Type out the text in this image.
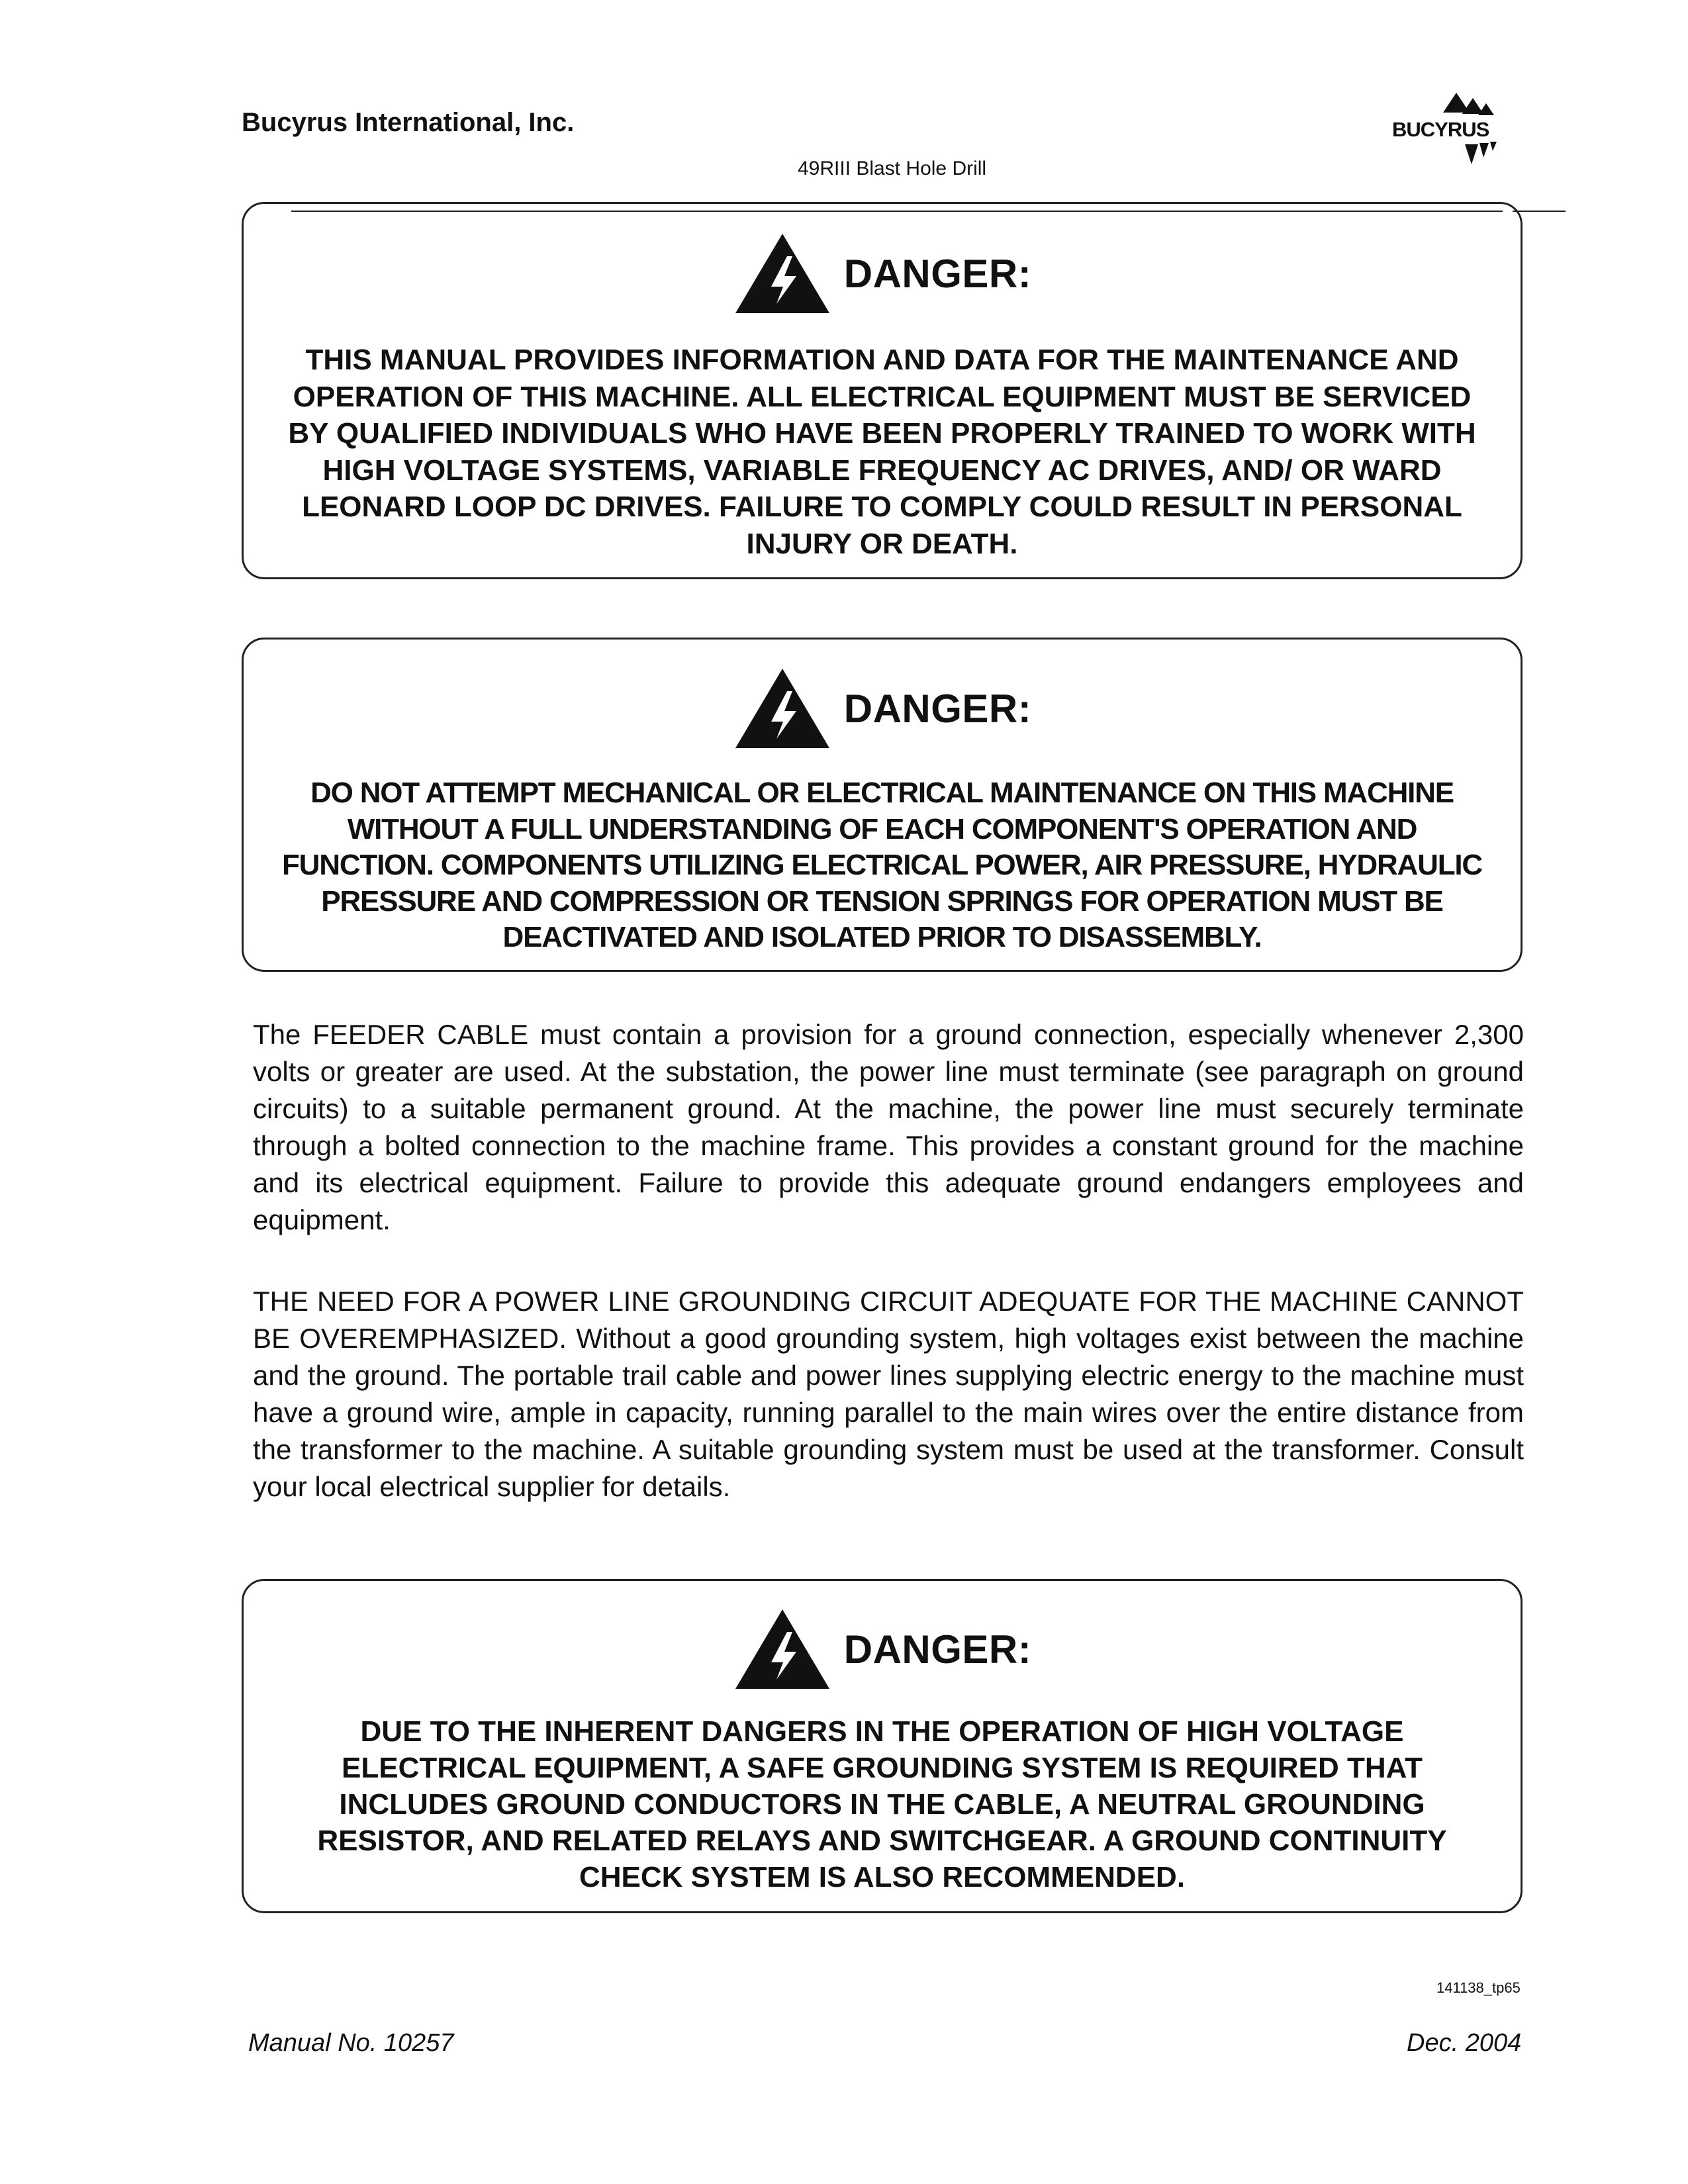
Bucyrus International, Inc.
49RIII Blast Hole Drill
BUCYRUS
DANGER:
THIS MANUAL PROVIDES INFORMATION AND DATA FOR THE MAINTENANCE AND OPERATION OF THIS MACHINE. ALL ELECTRICAL EQUIPMENT MUST BE SERVICED BY QUALIFIED INDIVIDUALS WHO HAVE BEEN PROPERLY TRAINED TO WORK WITH HIGH VOLTAGE SYSTEMS, VARIABLE FREQUENCY AC DRIVES, AND/ OR WARD LEONARD LOOP DC DRIVES. FAILURE TO COMPLY COULD RESULT IN PERSONAL INJURY OR DEATH.
DANGER:
DO NOT ATTEMPT MECHANICAL OR ELECTRICAL MAINTENANCE ON THIS MACHINE WITHOUT A FULL UNDERSTANDING OF EACH COMPONENT'S OPERATION AND FUNCTION. COMPONENTS UTILIZING ELECTRICAL POWER, AIR PRESSURE, HYDRAULIC PRESSURE AND COMPRESSION OR TENSION SPRINGS FOR OPERATION MUST BE DEACTIVATED AND ISOLATED PRIOR TO DISASSEMBLY.
The FEEDER CABLE must contain a provision for a ground connection, especially whenever 2,300 volts or greater are used. At the substation, the power line must terminate (see paragraph on ground circuits) to a suitable permanent ground. At the machine, the power line must securely terminate through a bolted connection to the machine frame. This provides a constant ground for the machine and its electrical equipment. Failure to provide this adequate ground endangers employees and equipment.
THE NEED FOR A POWER LINE GROUNDING CIRCUIT ADEQUATE FOR THE MACHINE CANNOT BE OVEREMPHASIZED. Without a good grounding system, high voltages exist between the machine and the ground. The portable trail cable and power lines supplying electric energy to the machine must have a ground wire, ample in capacity, running parallel to the main wires over the entire distance from the transformer to the machine. A suitable grounding system must be used at the transformer. Consult your local electrical supplier for details.
DANGER:
DUE TO THE INHERENT DANGERS IN THE OPERATION OF HIGH VOLTAGE ELECTRICAL EQUIPMENT, A SAFE GROUNDING SYSTEM IS REQUIRED THAT INCLUDES GROUND CONDUCTORS IN THE CABLE, A NEUTRAL GROUNDING RESISTOR, AND RELATED RELAYS AND SWITCHGEAR. A GROUND CONTINUITY CHECK SYSTEM IS ALSO RECOMMENDED.
141138_tp65
Manual No. 10257	Dec. 2004
